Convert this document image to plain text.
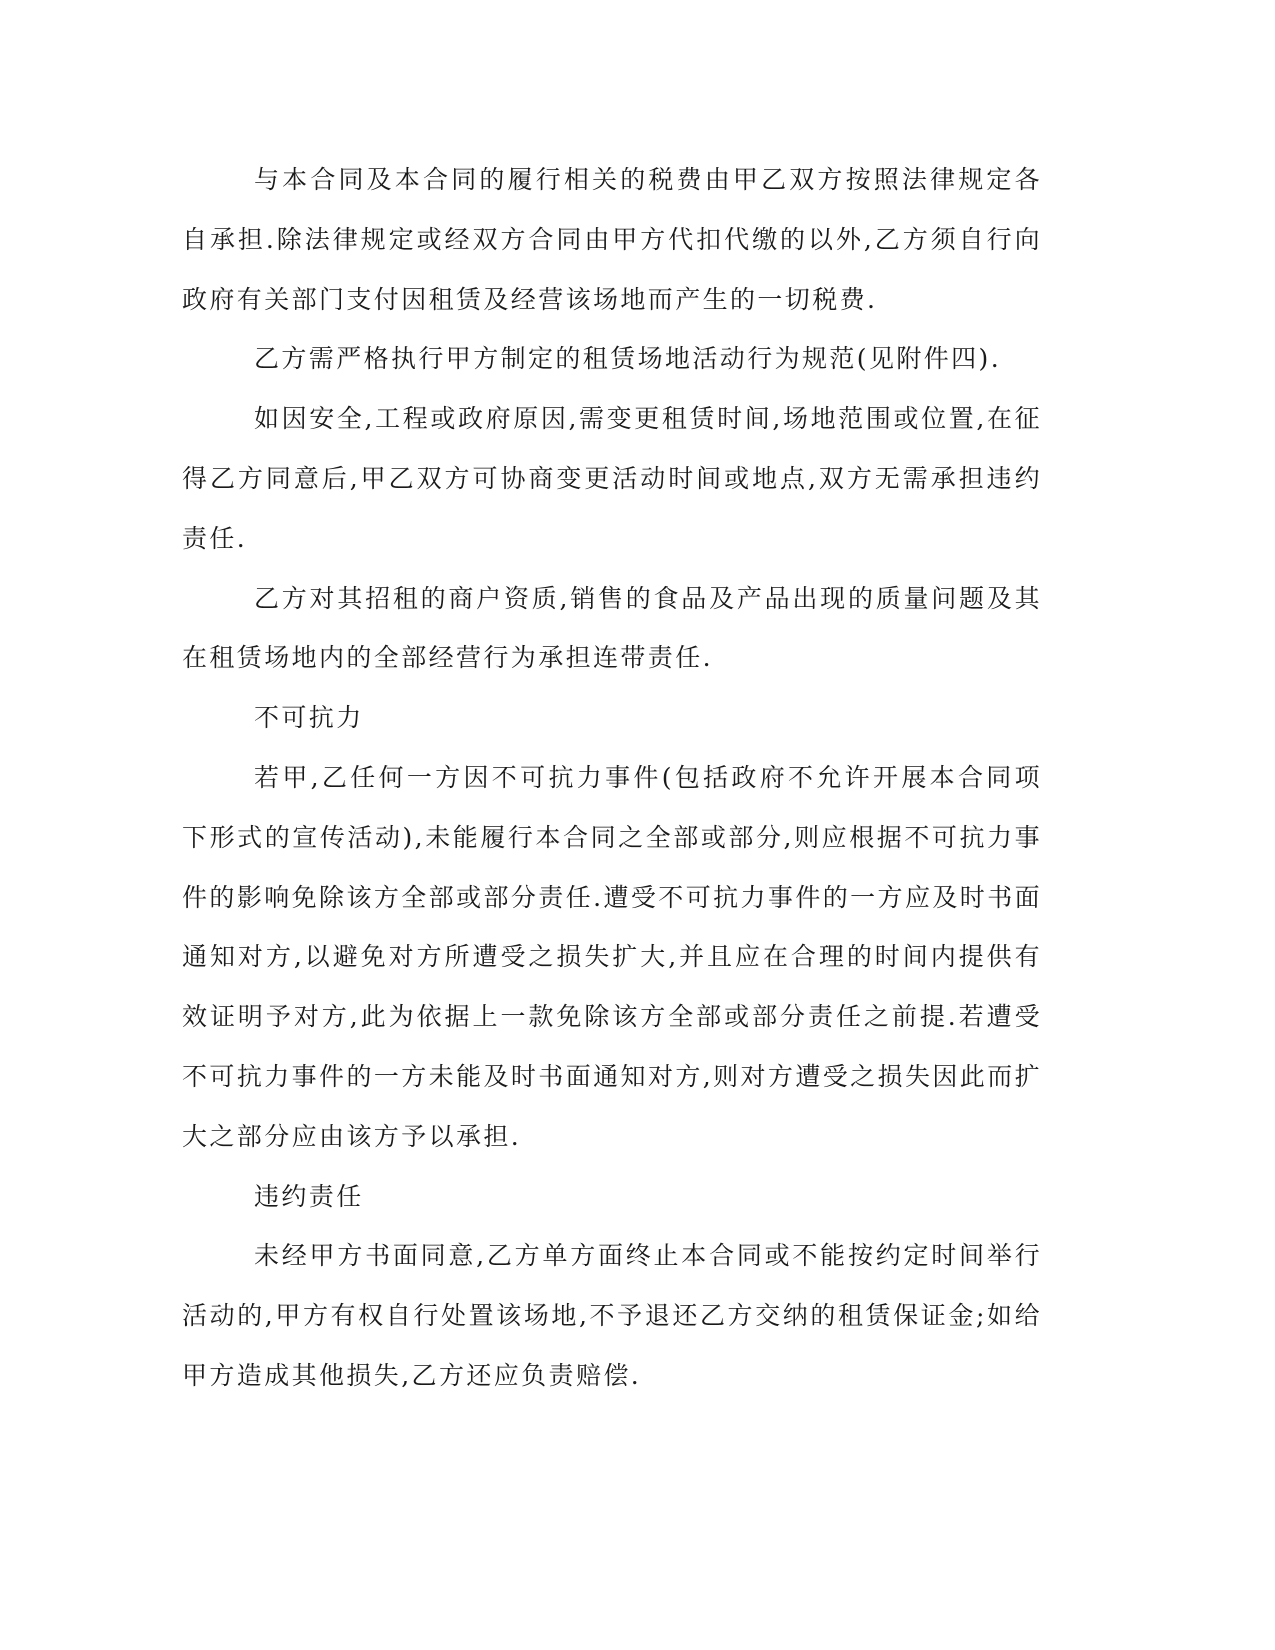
与本合同及本合同的履行相关的税费由甲乙双方按照法律规定各自承担.除法律规定或经双方合同由甲方代扣代缴的以外,乙方须自行向政府有关部门支付因租赁及经营该场地而产生的一切税费.

乙方需严格执行甲方制定的租赁场地活动行为规范(见附件四).

如因安全,工程或政府原因,需变更租赁时间,场地范围或位置,在征得乙方同意后,甲乙双方可协商变更活动时间或地点,双方无需承担违约责任.

乙方对其招租的商户资质,销售的食品及产品出现的质量问题及其在租赁场地内的全部经营行为承担连带责任.

不可抗力

若甲,乙任何一方因不可抗力事件(包括政府不允许开展本合同项下形式的宣传活动),未能履行本合同之全部或部分,则应根据不可抗力事件的影响免除该方全部或部分责任.遭受不可抗力事件的一方应及时书面通知对方,以避免对方所遭受之损失扩大,并且应在合理的时间内提供有效证明予对方,此为依据上一款免除该方全部或部分责任之前提.若遭受不可抗力事件的一方未能及时书面通知对方,则对方遭受之损失因此而扩大之部分应由该方予以承担.

违约责任

未经甲方书面同意,乙方单方面终止本合同或不能按约定时间举行活动的,甲方有权自行处置该场地,不予退还乙方交纳的租赁保证金;如给甲方造成其他损失,乙方还应负责赔偿.
